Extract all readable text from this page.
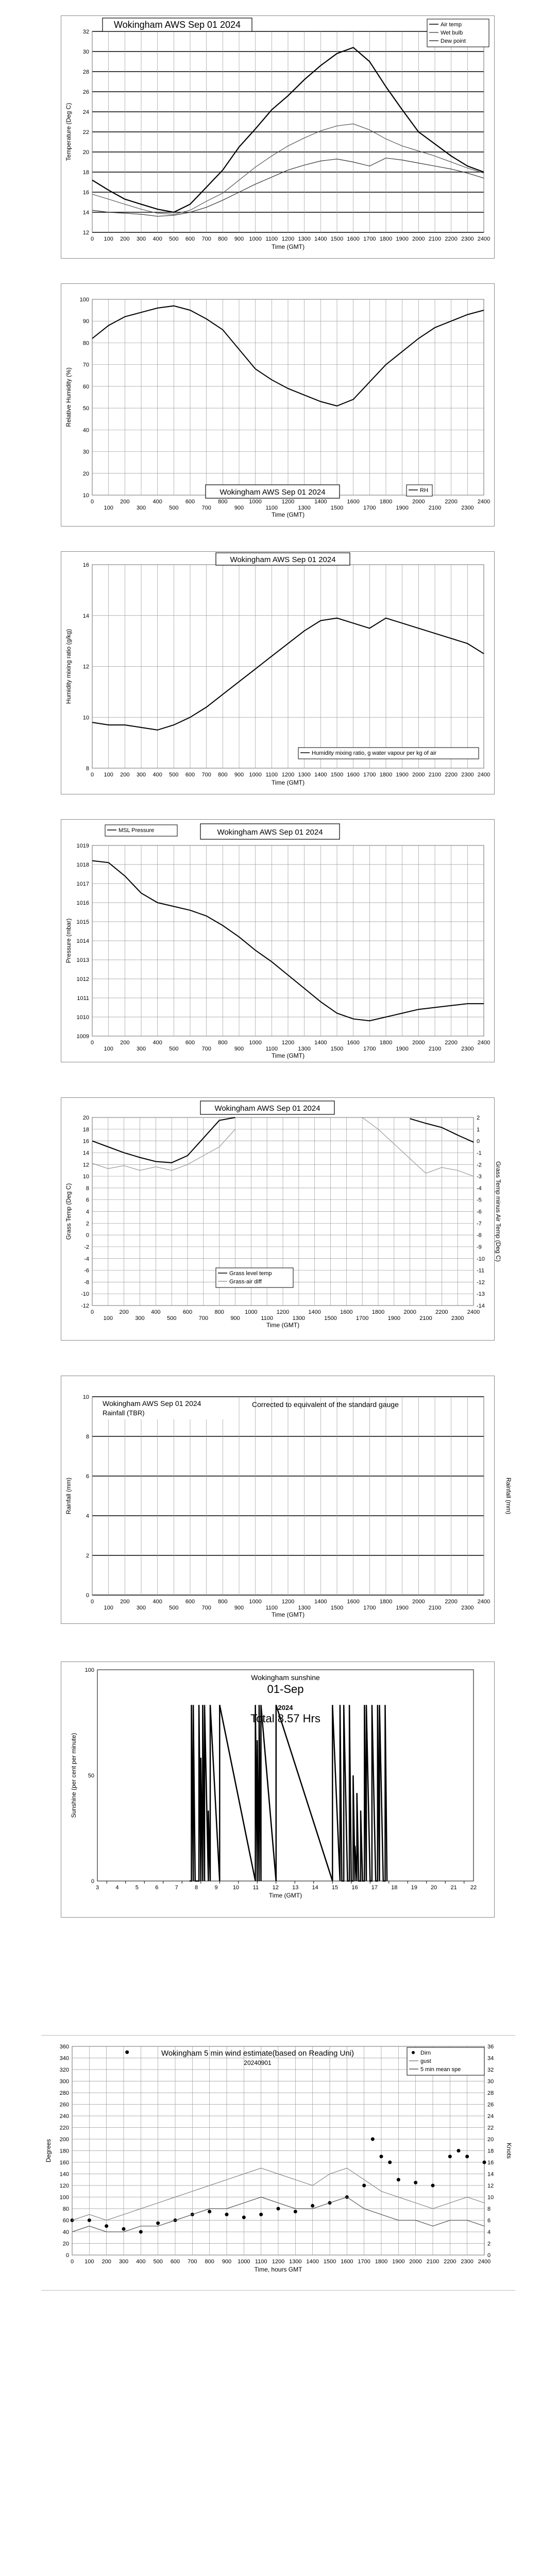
12
14
16
18
20
22
24
26
28
30
32
0 100 200 300 400 500 600 700 800 900 1000 1100 1200 1300 1400 1500 1600 1700 1800 1900 2000 2100 2200 2300 2400
Time (GMT)
Temperature (Deg C)
Wokingham AWS Sep 01 2024	Air temp
Wet bulb
Dew point
10
20
30
40
50
60
70
80
90
100
0
100
200
300
400
500
600
700
800
900
1000
1100
1200
1300
1400
1500
1600
1700
1800
1900
2000
2100
2200
2300
2400
Time (GMT)
Relative Humidity (%)
Wokingham AWS Sep 01 2024	RH
8
10
12
14
16
0 100 200 300 400 500 600 700 800 900 1000 1100 1200 1300 1400 1500 1600 1700 1800 1900 2000 2100 2200 2300 2400
Time (GMT)
Humidity mixing ratio (g/kg)
Wokingham AWS Sep 01 2024
Humidity mixing ratio, g water vapour per kg of air
1009
1010
1011
1012
1013
1014
1015
1016
1017
1018
1019
0
100
200
300
400
500
600
700
800
900
1000
1100
1200
1300
1400
1500
1600
1700
1800
1900
2000
2100
2200
2300
2400
Time (GMT)
Pressure (mbar)
Wokingham AWS Sep 01 2024
MSL Pressure
-12
-10
-8
-6
-4
-2
0
2
4
6
8
10
12
14
16
18
20
-14
-13
-12
-11
-10
-9
-8
-7
-6
-5
-4
-3
-2
-1
0
1
2
0
100
200
300
400
500
600
700
800
900
1000
1100
1200
1300
1400
1500
1600
1700
1800
1900
2000
2100
2200
2300
2400
Time (GMT)
Grass Temp (Deg C)	Grass Temp minus Air Temp (Deg C)
Wokingham AWS Sep 01 2024
Grass level temp
Grass-air diff
0
2
4
6
8
10
0
100
200
300
400
500
600
700
800
900
1000
1100
1200
1300
1400
1500
1600
1700
1800
1900
2000
2100
2200
2300
2400
Time (GMT)
Rainfall (mm)	Rainfall (mm)
Wokingham AWS Sep 01 2024
Rainfall (TBR)
Corrected to equivalent of the standard gauge
0
50
100
3	4	5	6	7	8	9	10 11 12 13 14 15 16 17 18 19 20 21 22
Time (GMT)
Sunshine (per cent per minute)
Wokingham sunshine
01-Sep
2024
Total 8.57 Hrs
0
20
40
60
80
100
120
140
160
180
200
220
240
260
280
300
320
340
360
0
2
4
6
8
10
12
14
16
18
20
22
24
26
28
30
32
34
36
0 100 200 300 400 500 600 700 800 900 1000 1100 1200 1300 1400 1500 1600 1700 1800 1900 2000 2100 2200 2300 2400
Time, hours GMT
Degrees	Knots
Wokingham 5 min wind estimate(based on Reading Uni)
20240901
Dirn
gust
5 min mean spe
